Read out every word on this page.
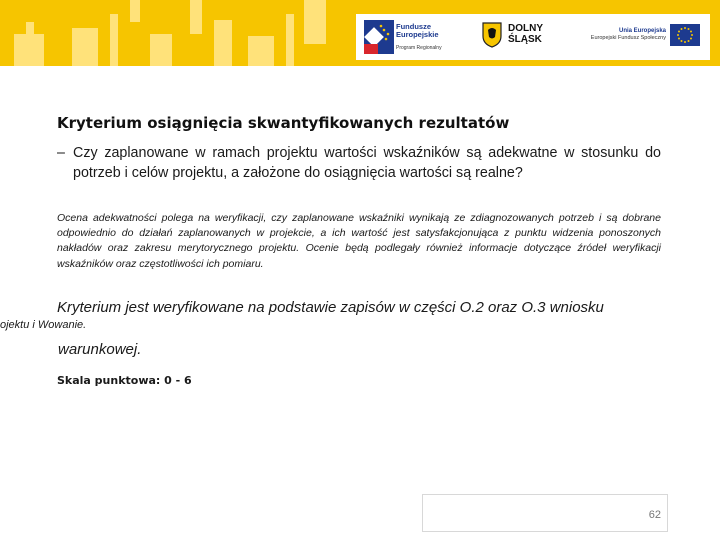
Fundusze
Europejskie
Program Regionalny
DOLNY
ŚLĄSK
Unia Europejska
Europejski Fundusz Społeczny
Kryterium osiągnięcia skwantyfikowanych rezultatów
– Czy zaplanowane w ramach projektu wartości wskaźników są adekwatne w stosunku do potrzeb i celów projektu, a założone do osiągnięcia wartości są realne?
Ocena adekwatności polega na weryfikacji, czy zaplanowane wskaźniki wynikają ze zdiagnozowanych potrzeb i są dobrane odpowiednio do działań zaplanowanych w projekcie, a ich wartość jest satysfakcjonująca z punktu widzenia ponoszonych nakładów oraz zakresu merytorycznego projektu. Ocenie będą podlegały również informacje dotyczące źródeł weryfikacji wskaźników oraz częstotliwości ich pomiaru.
Kryterium jest weryfikowane na podstawie zapisów w części O.2 oraz O.3 wniosku
ojektu i Wowanie.
warunkowej.
Skala punktowa: 0 - 6
62
